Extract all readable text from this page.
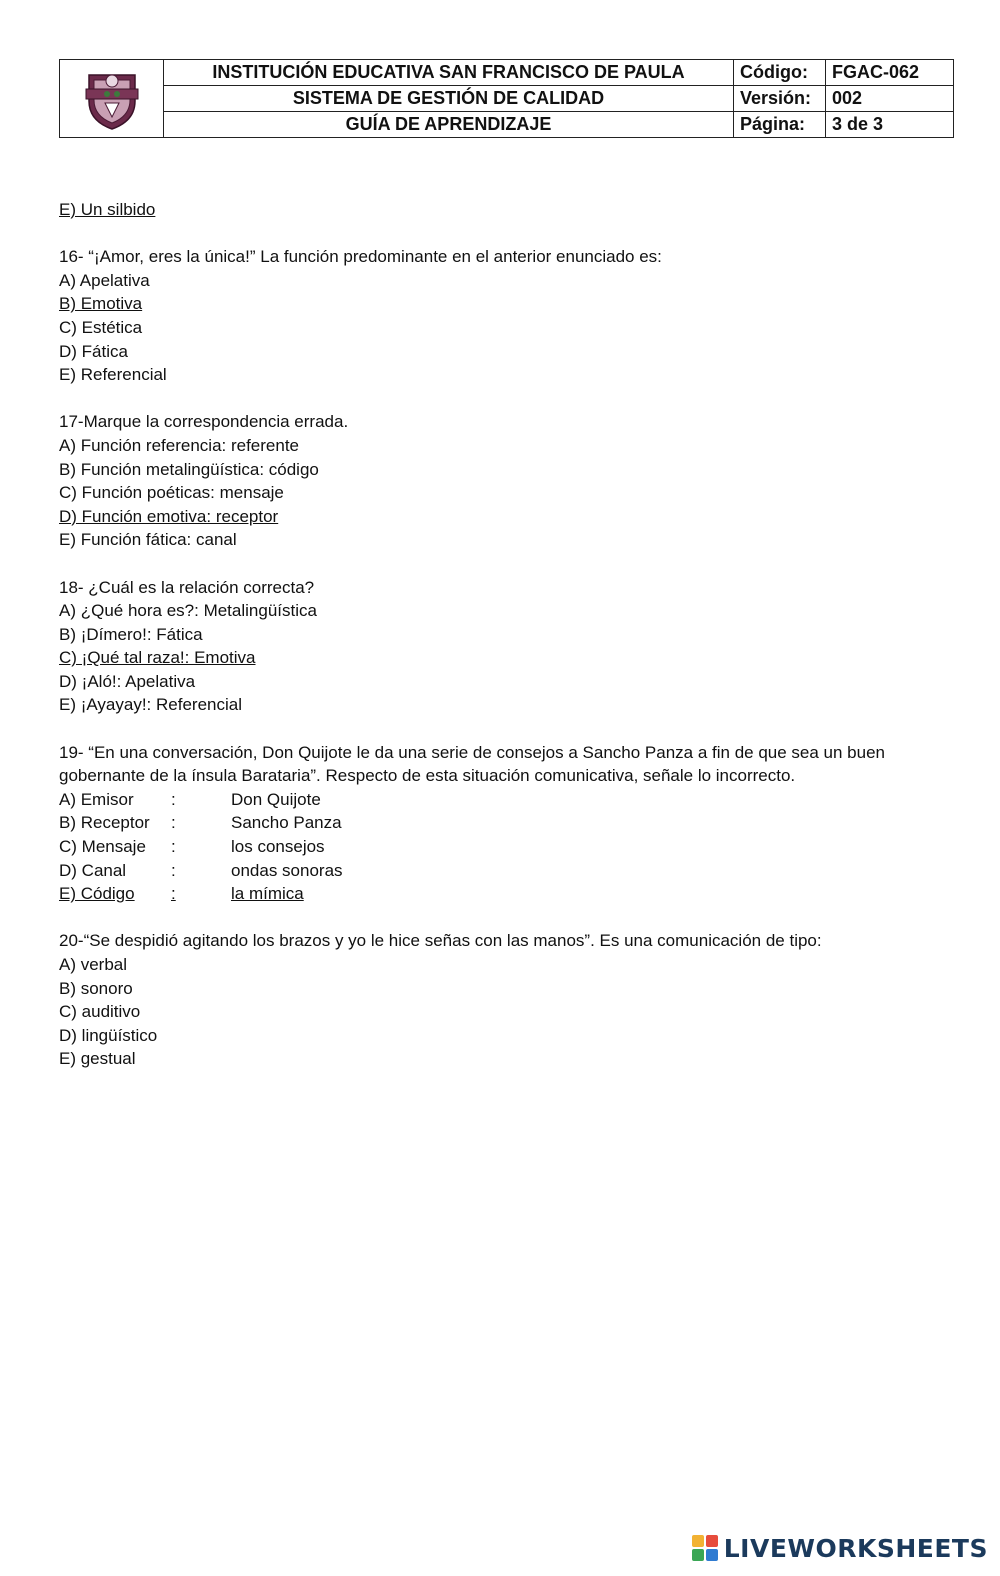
	INSTITUCIÓN EDUCATIVA SAN FRANCISCO DE PAULA	Código:	FGAC-062
	SISTEMA DE GESTIÓN DE CALIDAD	Versión:	002
	GUÍA DE APRENDIZAJE	Página:	3 de 3
E) Un silbido
16- “¡Amor, eres la única!” La función predominante en el anterior enunciado es:
A) Apelativa
B) Emotiva
C) Estética
D) Fática
E) Referencial
17-Marque la correspondencia errada.
A) Función referencia: referente
B) Función metalingüística: código
C) Función poéticas: mensaje
D) Función emotiva: receptor
E) Función fática: canal
18- ¿Cuál es la relación correcta?
A) ¿Qué hora es?: Metalingüística
B) ¡Dímero!: Fática
C) ¡Qué tal raza!: Emotiva
D) ¡Aló!: Apelativa
E) ¡Ayayay!: Referencial
19- “En una conversación, Don Quijote le da una serie de consejos a Sancho Panza a fin de que sea un buen gobernante de la ínsula Barataria”. Respecto de esta situación comunicativa, señale lo incorrecto.
A) Emisor	:	Don Quijote
B) Receptor	:	Sancho Panza
C) Mensaje	:	los consejos
D) Canal	:	ondas sonoras
E) Código	:	la mímica
20-“Se despidió agitando los brazos y yo le hice señas con las manos”. Es una comunicación de tipo:
A) verbal
B) sonoro
C) auditivo
D) lingüístico
E) gestual
LIVEWORKSHEETS
